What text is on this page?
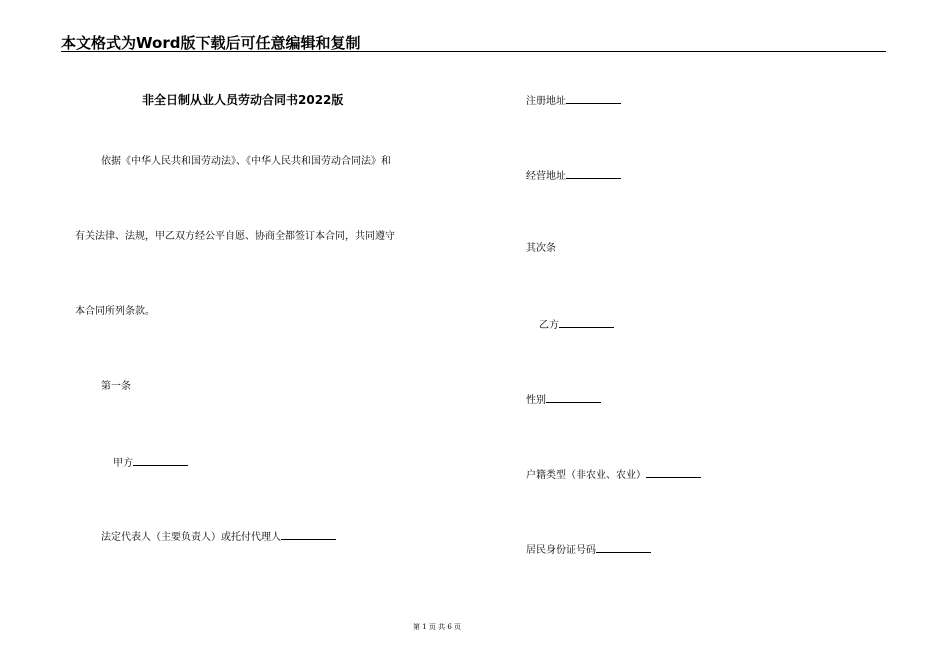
本文格式为Word版下载后可任意编辑和复制
非全日制从业人员劳动合同书2022版
依据《中华人民共和国劳动法》、《中华人民共和国劳动合同法》和
有关法律、法规，甲乙双方经公平自愿、协商全都签订本合同，共同遵守
本合同所列条款。
第一条
甲方
法定代表人（主要负责人）或托付代理人
注册地址
经营地址
其次条
乙方
性别
户籍类型（非农业、农业）
居民身份证号码
第 1 页 共 6 页
